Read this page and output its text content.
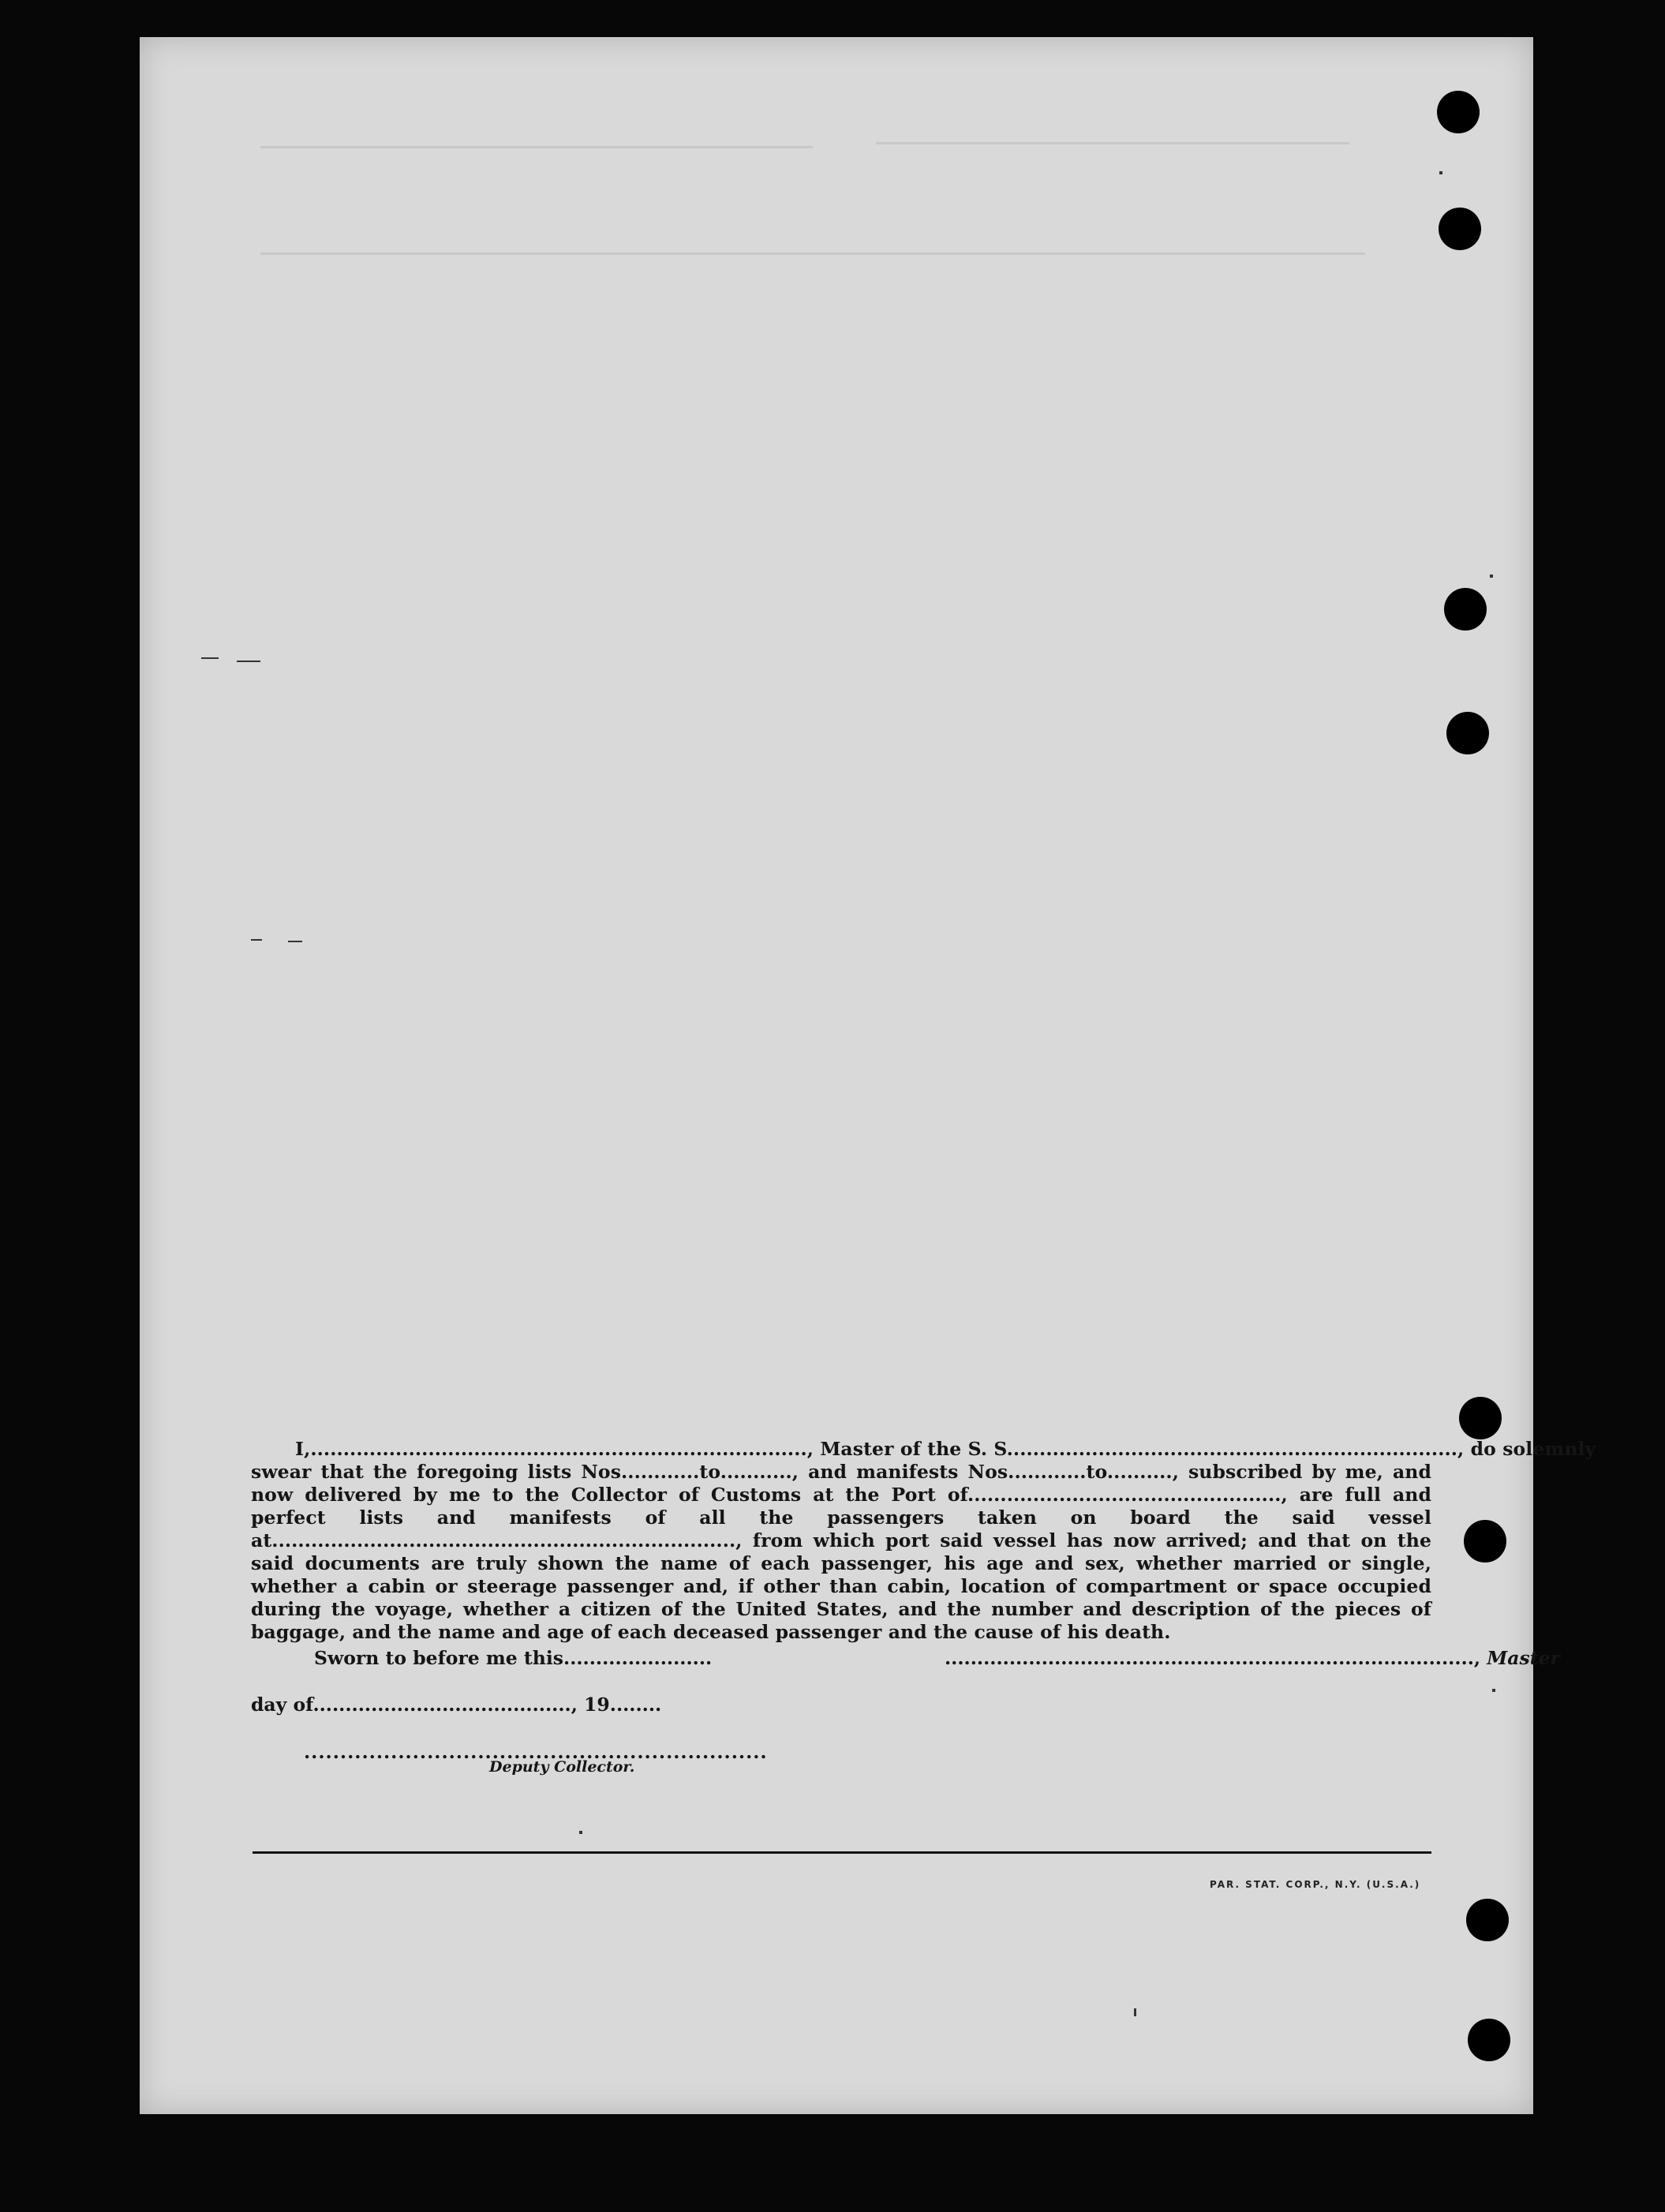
I,............................................................................, Master of the S. S....................................................................., do solemnly swear that the foregoing lists Nos............to..........., and manifests Nos............to.........., subscribed by me, and now delivered by me to the Collector of Customs at the Port of................................................, are full and perfect lists and manifests of all the passengers taken on board the said vessel at......................................................................., from which port said vessel has now arrived; and that on the said documents are truly shown the name of each passenger, his age and sex, whether married or single, whether a cabin or steerage passenger and, if other than cabin, location of compartment or space occupied during the voyage, whether a citizen of the United States, and the number and description of the pieces of baggage, and the name and age of each deceased passenger and the cause of his death.

Sworn to before me this.......................	.................................................................................., Master
day of........................................, 19........
................................................................
Deputy Collector.
PAR. STAT. CORP., N.Y. (U.S.A.)
